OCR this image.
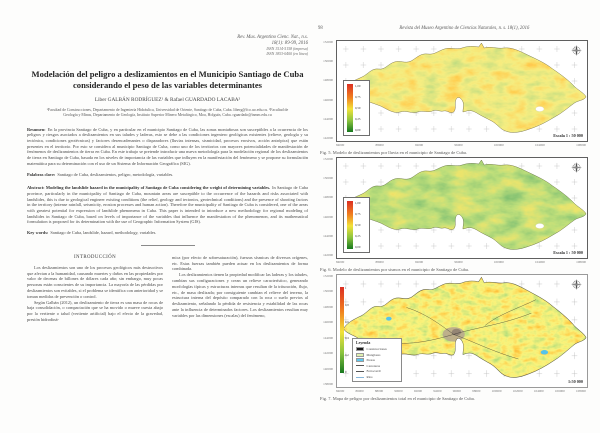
Rev. Mus. Argentino Cienc. Nat., n.s.
18(1): 89-99, 2016
ISSN 1514-5158 (impresa)
ISSN 1853-0400 (en línea)
Modelación del peligro a deslizamientos en el Municipio Santiago de Cuba considerando el peso de las variables determinantes
Liber GALBÁN RODRÍGUEZ¹ & Rafael GUARDADO LACABA²
¹Facultad de Construcciones, Departamento de Ingeniería Hidráulica, Universidad de Oriente, Santiago de Cuba, Cuba. liberg@fco.uo.edu.cu. ²Facultad de Geología y Minas, Departamento de Geología, Instituto Superior Minero Metalúrgico, Moa, Holguín, Cuba. rguardado@ismm.edu.cu

Resumen: En la provincia Santiago de Cuba, y en particular en el municipio Santiago de Cuba, las zonas montañosas son susceptibles a la ocurrencia de los peligros y riesgos asociados a deslizamientos en sus taludes y laderas, esto se debe a las condiciones ingeniero geológicas existentes (relieve, geología y su tectónica, condiciones geotécnicas) y factores desencadenantes o disparadores (lluvias intensas, sismicidad, procesos erosivos, acción antrópica) que están presentes en el territorio. Por esto se considera al municipio Santiago de Cuba, como uno de los territorios con mayores potencialidades de manifestación de fenómenos de deslizamientos de tierra en Cuba. En este trabajo se pretende introducir una nueva metodología para la modelación regional de los deslizamientos de tierra en Santiago de Cuba, basada en los niveles de importancia de las variables que influyen en la manifestación del fenómeno y se propone su formulación matemática para su determinación con el uso de un Sistema de Información Geográfica (SIG).

Palabras clave: Santiago de Cuba, deslizamientos, peligro, metodología, variables.

Abstract: Modeling the landslide hazard in the municipality of Santiago de Cuba considering the weight of determining variables. In Santiago de Cuba province, particularly in the municipality of Santiago de Cuba, mountain areas are susceptible to the occurrence of the hazards and risks associated with landslides, this is due to geological engineer existing conditions (the relief, geology and tectonics, geotechnical conditions) and the presence of shooting factors in the territory (intense rainfall, seismicity, erosion processes and human action). Therefore the municipality of Santiago de Cuba is considered, one of the areas with greatest potential for expression of landslide phenomena in Cuba. This paper is intended to introduce a new methodology for regional modeling of landslides in Santiago de Cuba, based on levels of importance of the variables that influence the manifestation of the phenomenon, and its mathematical formulation is proposed for its determination with the use of Geographic Information System (GIS).

Key words: Santiago de Cuba, landslide, hazard, methodology, variables.

INTRODUCCIÓN

Los deslizamientos son uno de los procesos geológicos más destructivos que afectan a la humanidad, causando muertes y daños en las propiedades por valor de decenas de billones de dólares cada año; sin embargo, muy pocas personas están conscientes de su importancia. La mayoría de las pérdidas por deslizamientos son evitables, si el problema se identifica con anterioridad y se toman medidas de prevención o control.

Según Galbán (2012), un deslizamiento de tierra es una masa de rocas de baja consolidación, o compactación que se ha movido o mueve cuesta abajo por la vertiente o talud (vertiente artificial) bajo el efecto de la gravedad, presión hidrodiná-

mica (por efecto de sobresaturación), fuerzas sísmicas de diversos orígenes, etc. Estas fuerzas también pueden actuar en los deslizamientos de forma combinada.

Los deslizamientos tienen la propiedad modificar las laderas y los taludes, cambian sus configuraciones y crean un relieve característico, generando morfologías típicas y estructuras internas que resultan de la trituración, flujo, etc., de masa deslizada; por consiguiente cambian el relieve del terreno, la estructura interna del depósito comparado con la roca o suelo previos al deslizamiento, señalando la pérdida de resistencia y estabilidad de las rocas ante la influencia de determinados factores. Los deslizamientos resultan muy variables por las dimensiones (escalas) del fenómeno,

98	Revista del Museo Argentino de Ciencias Naturales, n. s. 18(1), 2016
152000
150000
148000
146000
144000
142000
1,00
0,75
0,50
0,25
0,00
Escala 1 : 50 000
84000	88000	92000	96000	100000	104000	108000
Fig. 5. Modelo de deslizamientos por lluvia en el municipio de Santiago de Cuba.
152000
150000
148000
146000
144000
142000
1,00
0,75
0,50
0,25
0,00
Escala 1 : 50 000
84000	88000	92000	96000	100000	104000	108000
Fig. 6. Modelo de deslizamientos por sismos en el municipio de Santiago de Cuba.
152000
150000
148000
146000
144000
142000
140000
138000
1
0,8
0,6
0,4
0,2
0
Leyenda
Construcciones
Manglares
Presas
Carreteras
Ferrocarril
Ríos
1:50 000
84000	86000	88000	90000	92000	94000	96000	98000	100000	102000	104000	106000	108000
Fig. 7. Mapa de peligro por deslizamientos total en el municipio de Santiago de Cuba.
